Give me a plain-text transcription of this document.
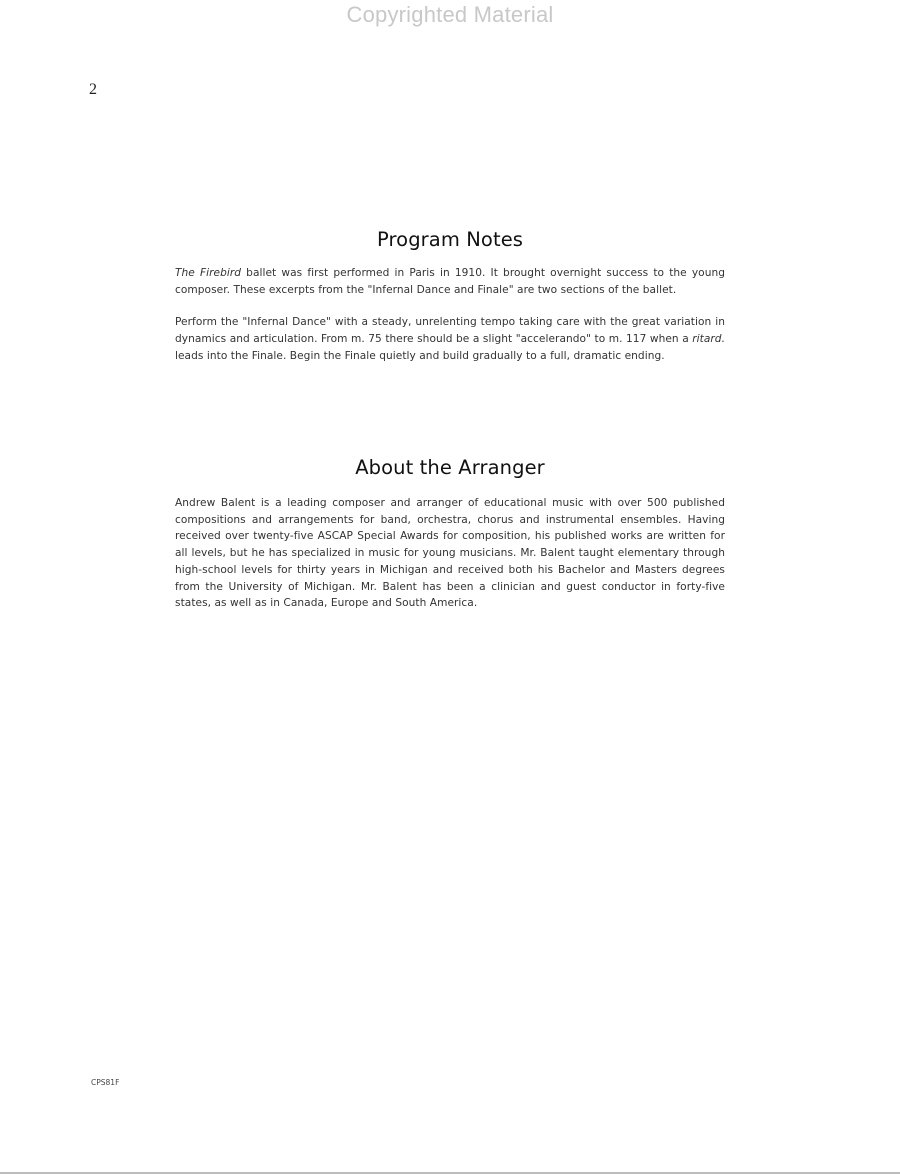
Copyrighted Material
2
Program Notes

The Firebird ballet was first performed in Paris in 1910. It brought overnight success to the young composer. These excerpts from the "Infernal Dance and Finale" are two sections of the ballet.

Perform the "Infernal Dance" with a steady, unrelenting tempo taking care with the great variation in dynamics and articulation. From m. 75 there should be a slight "accelerando" to m. 117 when a ritard. leads into the Finale. Begin the Finale quietly and build gradually to a full, dramatic ending.

About the Arranger

Andrew Balent is a leading composer and arranger of educational music with over 500 published compositions and arrangements for band, orchestra, chorus and instrumental ensembles. Having received over twenty-five ASCAP Special Awards for composition, his published works are written for all levels, but he has specialized in music for young musicians. Mr. Balent taught elementary through high-school levels for thirty years in Michigan and received both his Bachelor and Masters degrees from the University of Michigan. Mr. Balent has been a clinician and guest conductor in forty-five states, as well as in Canada, Europe and South America.

CPS81F
